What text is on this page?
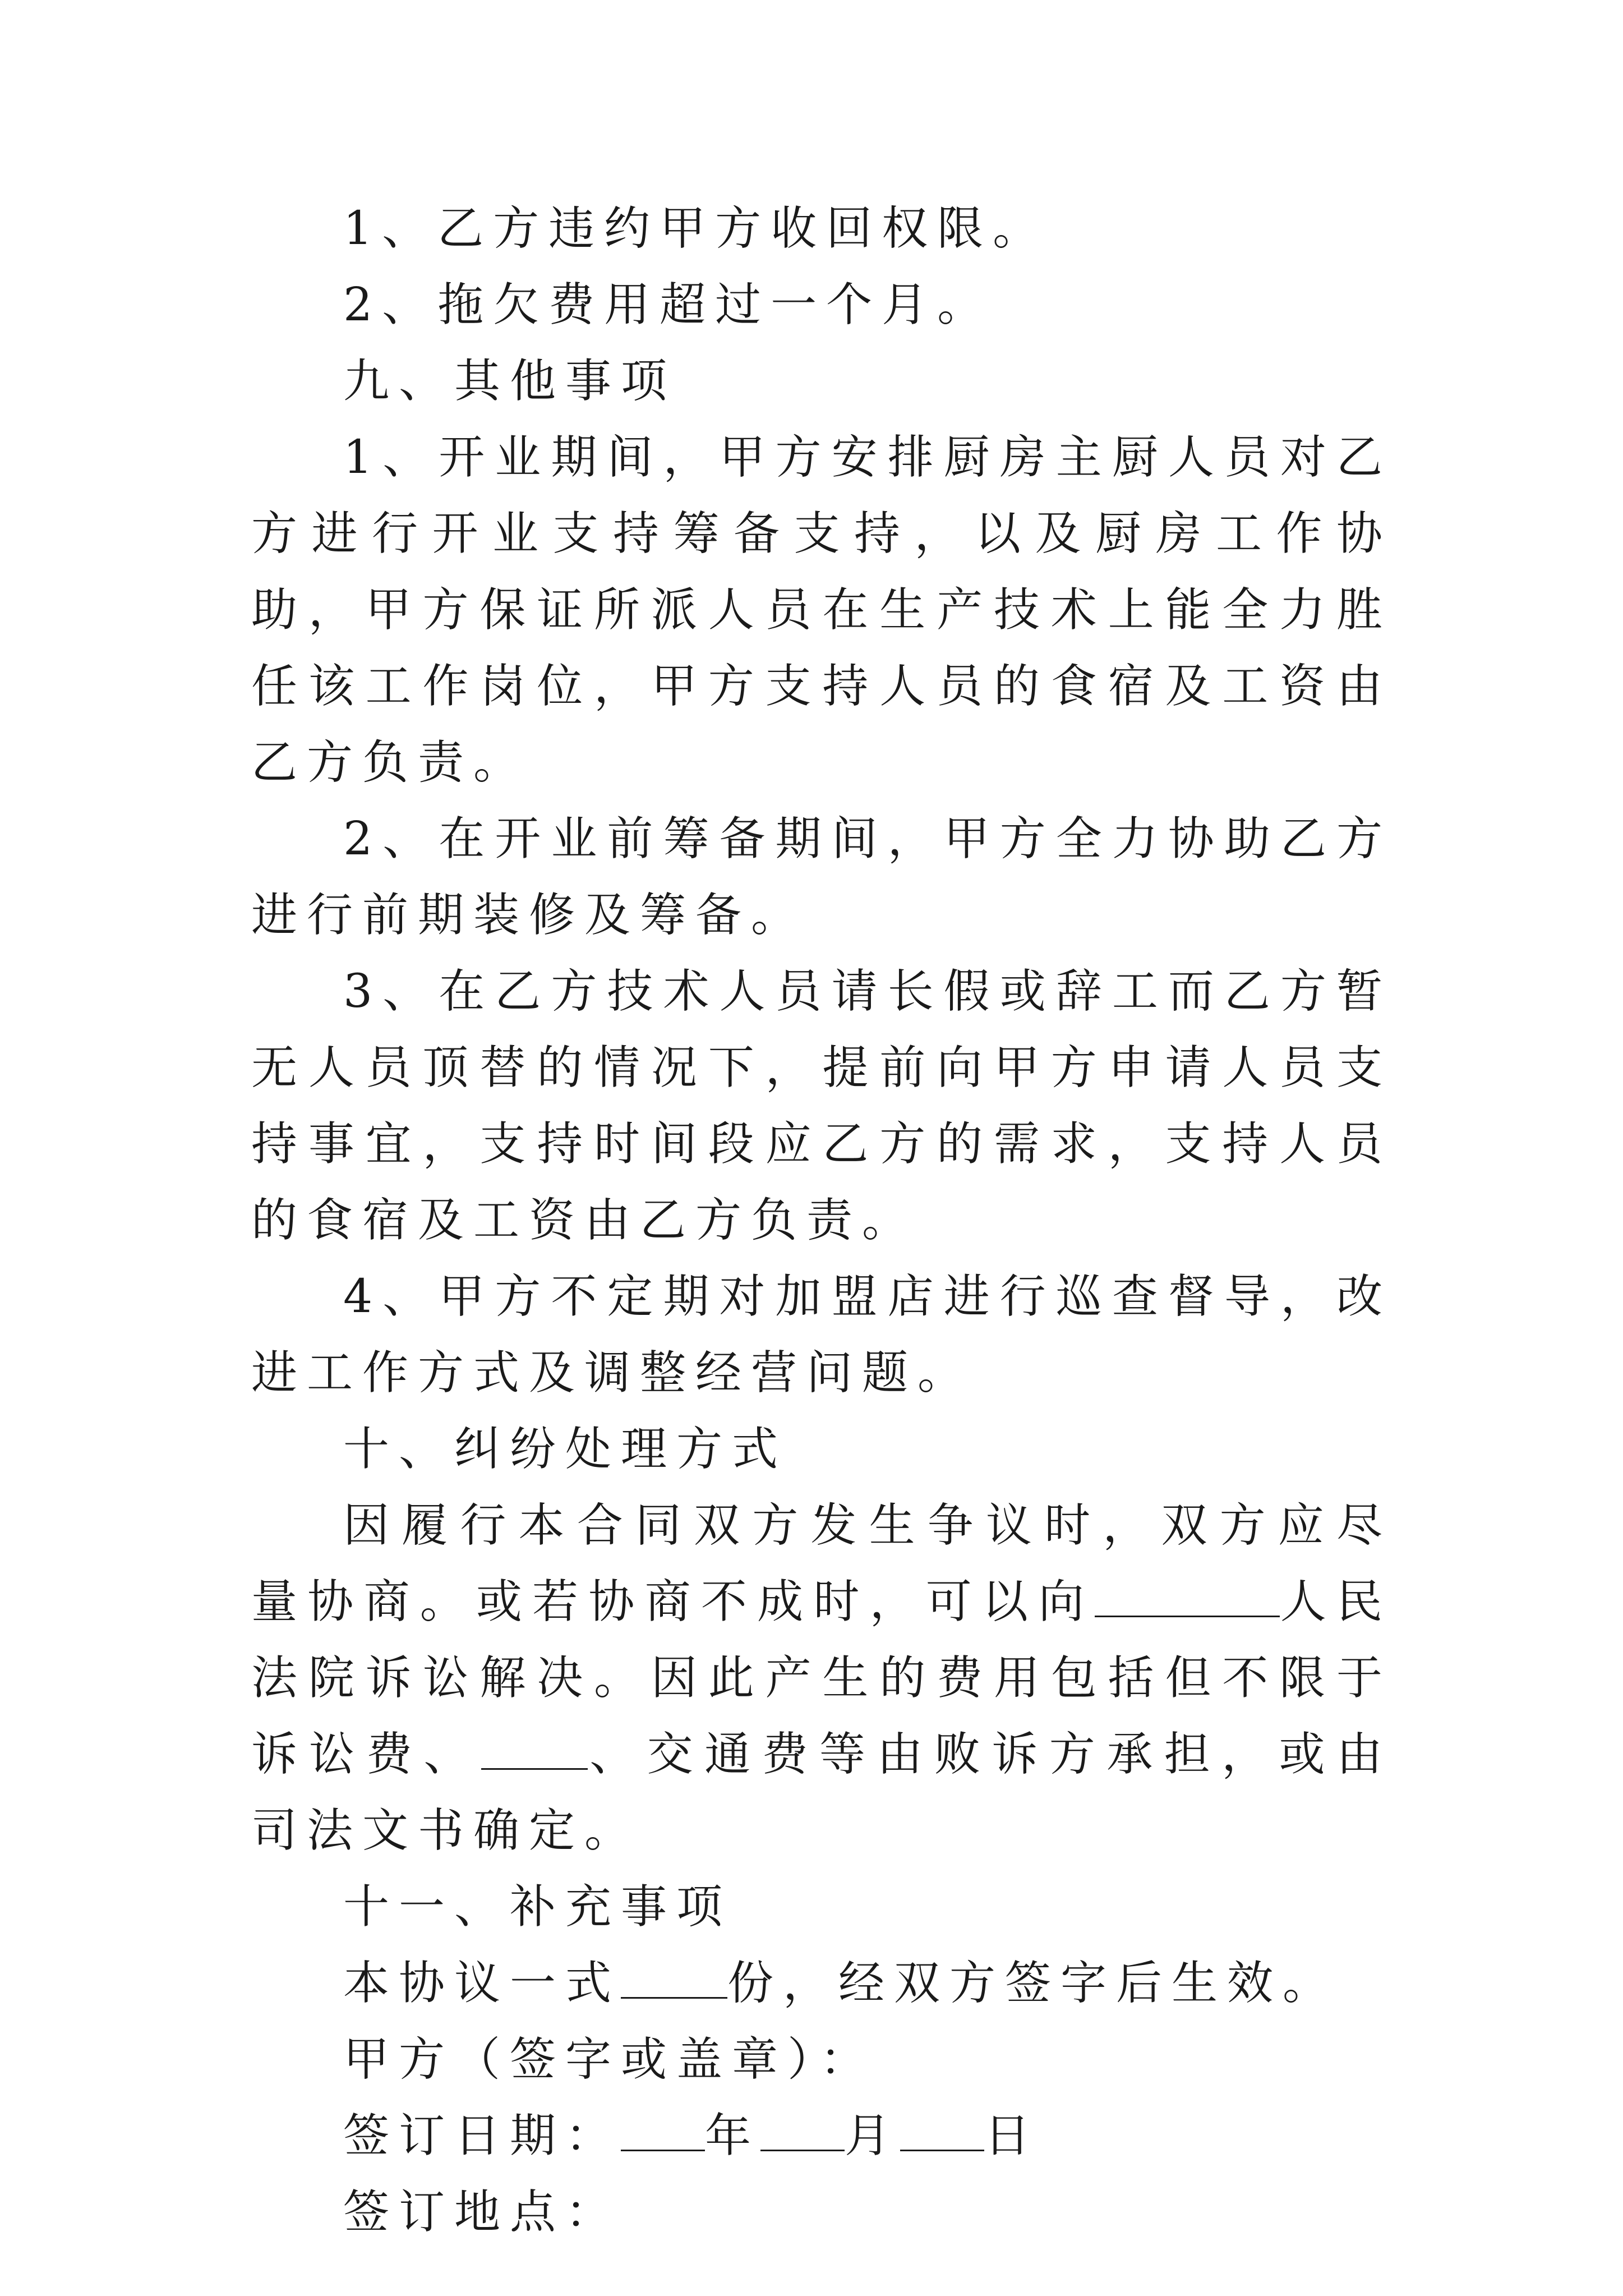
1、乙方违约甲方收回权限。

2、拖欠费用超过一个月。

九、其他事项

1、开业期间，甲方安排厨房主厨人员对乙方进行开业支持筹备支持，以及厨房工作协助，甲方保证所派人员在生产技术上能全力胜任该工作岗位，甲方支持人员的食宿及工资由乙方负责。

2、在开业前筹备期间，甲方全力协助乙方进行前期装修及筹备。

3、在乙方技术人员请长假或辞工而乙方暂无人员顶替的情况下，提前向甲方申请人员支持事宜，支持时间段应乙方的需求，支持人员的食宿及工资由乙方负责。

4、甲方不定期对加盟店进行巡查督导，改进工作方式及调整经营问题。

十、纠纷处理方式

因履行本合同双方发生争议时，双方应尽量协商。或若协商不成时，可以向	人民法院诉讼解决。因此产生的费用包括但不限于诉讼费、 、交通费等由败诉方承担，或由司法文书确定。

十一、补充事项

本协议一式 份，经双方签字后生效。

甲方（签字或盖章）：

签订日期： 年 月 日

签订地点：
